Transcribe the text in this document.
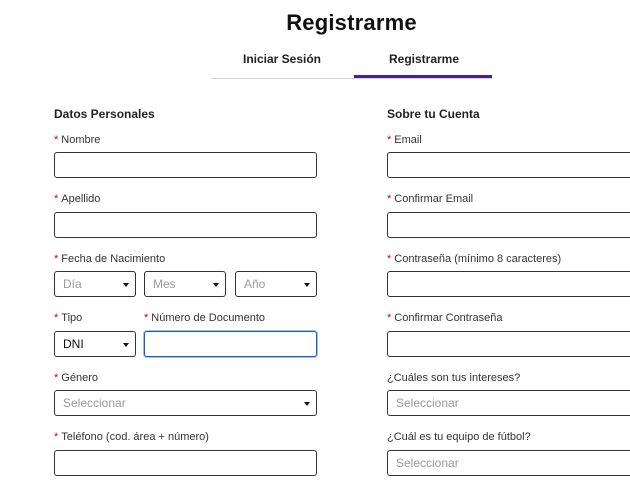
Registrarme
Iniciar Sesión	Registrarme
Datos Personales
* Nombre
* Apellido
* Fecha de Nacimiento
Día	Mes	Año
* Tipo
DNI
* Número de Documento
* Género
Seleccionar
* Teléfono (cod. área + número)
Sobre tu Cuenta
* Email
* Confirmar Email
* Contraseña (mínimo 8 caracteres)
* Confirmar Contraseña
¿Cuáles son tus intereses?
Seleccionar
¿Cuál es tu equipo de fútbol?
Seleccionar
